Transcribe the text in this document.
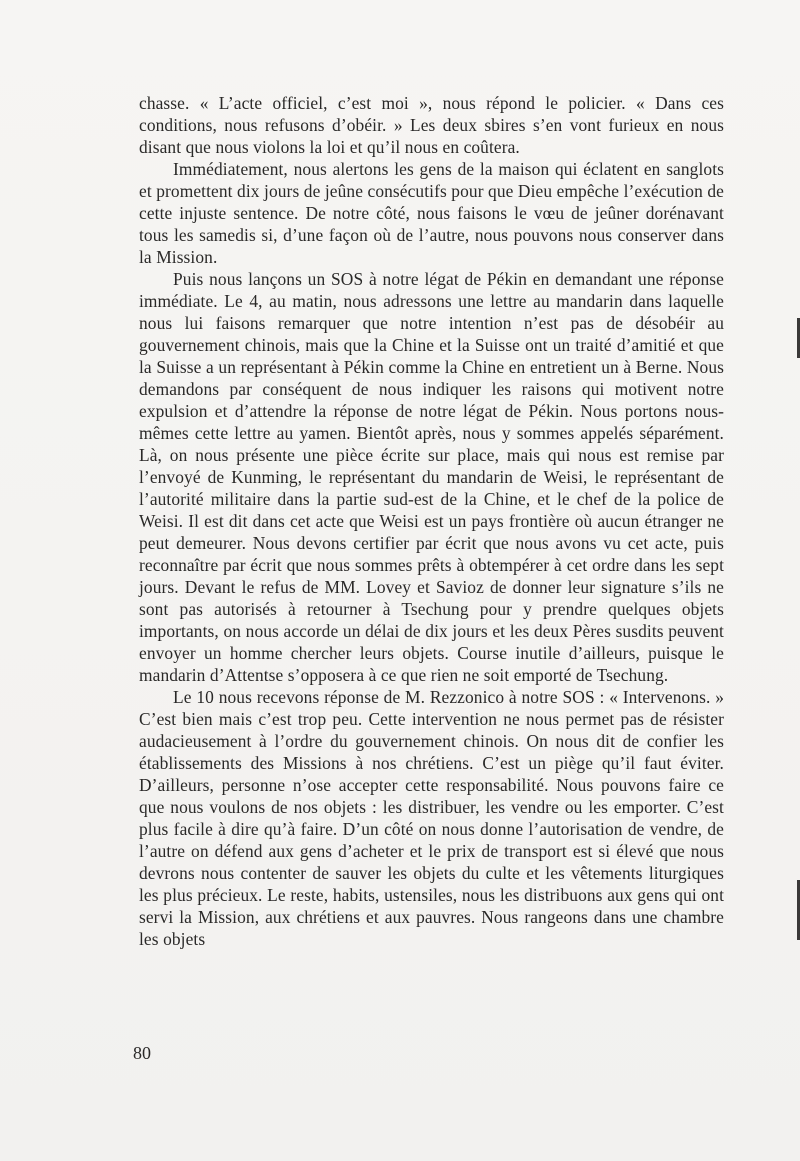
chasse. « L’acte officiel, c’est moi », nous répond le policier. « Dans ces conditions, nous refusons d’obéir. » Les deux sbires s’en vont furieux en nous disant que nous violons la loi et qu’il nous en coûtera.

Immédiatement, nous alertons les gens de la maison qui éclatent en sanglots et promettent dix jours de jeûne consécutifs pour que Dieu empêche l’exécution de cette injuste sentence. De notre côté, nous faisons le vœu de jeûner dorénavant tous les samedis si, d’une façon où de l’autre, nous pouvons nous conserver dans la Mission.

Puis nous lançons un SOS à notre légat de Pékin en demandant une réponse immédiate. Le 4, au matin, nous adressons une lettre au mandarin dans laquelle nous lui faisons remarquer que notre intention n’est pas de désobéir au gouvernement chinois, mais que la Chine et la Suisse ont un traité d’amitié et que la Suisse a un représentant à Pékin comme la Chine en entretient un à Berne. Nous demandons par conséquent de nous indiquer les raisons qui motivent notre expulsion et d’attendre la réponse de notre légat de Pékin. Nous portons nous-mêmes cette lettre au yamen. Bientôt après, nous y sommes appelés séparément. Là, on nous présente une pièce écrite sur place, mais qui nous est remise par l’envoyé de Kunming, le représentant du mandarin de Weisi, le représentant de l’autorité militaire dans la partie sud-est de la Chine, et le chef de la police de Weisi. Il est dit dans cet acte que Weisi est un pays frontière où aucun étranger ne peut demeurer. Nous devons certifier par écrit que nous avons vu cet acte, puis reconnaître par écrit que nous sommes prêts à obtempérer à cet ordre dans les sept jours. Devant le refus de MM. Lovey et Savioz de donner leur signature s’ils ne sont pas autorisés à retourner à Tsechung pour y prendre quelques objets importants, on nous accorde un délai de dix jours et les deux Pères susdits peuvent envoyer un homme chercher leurs objets. Course inutile d’ailleurs, puisque le mandarin d’Attentse s’opposera à ce que rien ne soit emporté de Tsechung.

Le 10 nous recevons réponse de M. Rezzonico à notre SOS : « Intervenons. » C’est bien mais c’est trop peu. Cette intervention ne nous permet pas de résister audacieusement à l’ordre du gouvernement chinois. On nous dit de confier les établissements des Missions à nos chrétiens. C’est un piège qu’il faut éviter. D’ailleurs, personne n’ose accepter cette responsabilité. Nous pouvons faire ce que nous voulons de nos objets : les distribuer, les vendre ou les emporter. C’est plus facile à dire qu’à faire. D’un côté on nous donne l’autorisation de vendre, de l’autre on défend aux gens d’acheter et le prix de transport est si élevé que nous devrons nous contenter de sauver les objets du culte et les vêtements liturgiques les plus précieux. Le reste, habits, ustensiles, nous les distribuons aux gens qui ont servi la Mission, aux chrétiens et aux pauvres. Nous rangeons dans une chambre les objets

80
